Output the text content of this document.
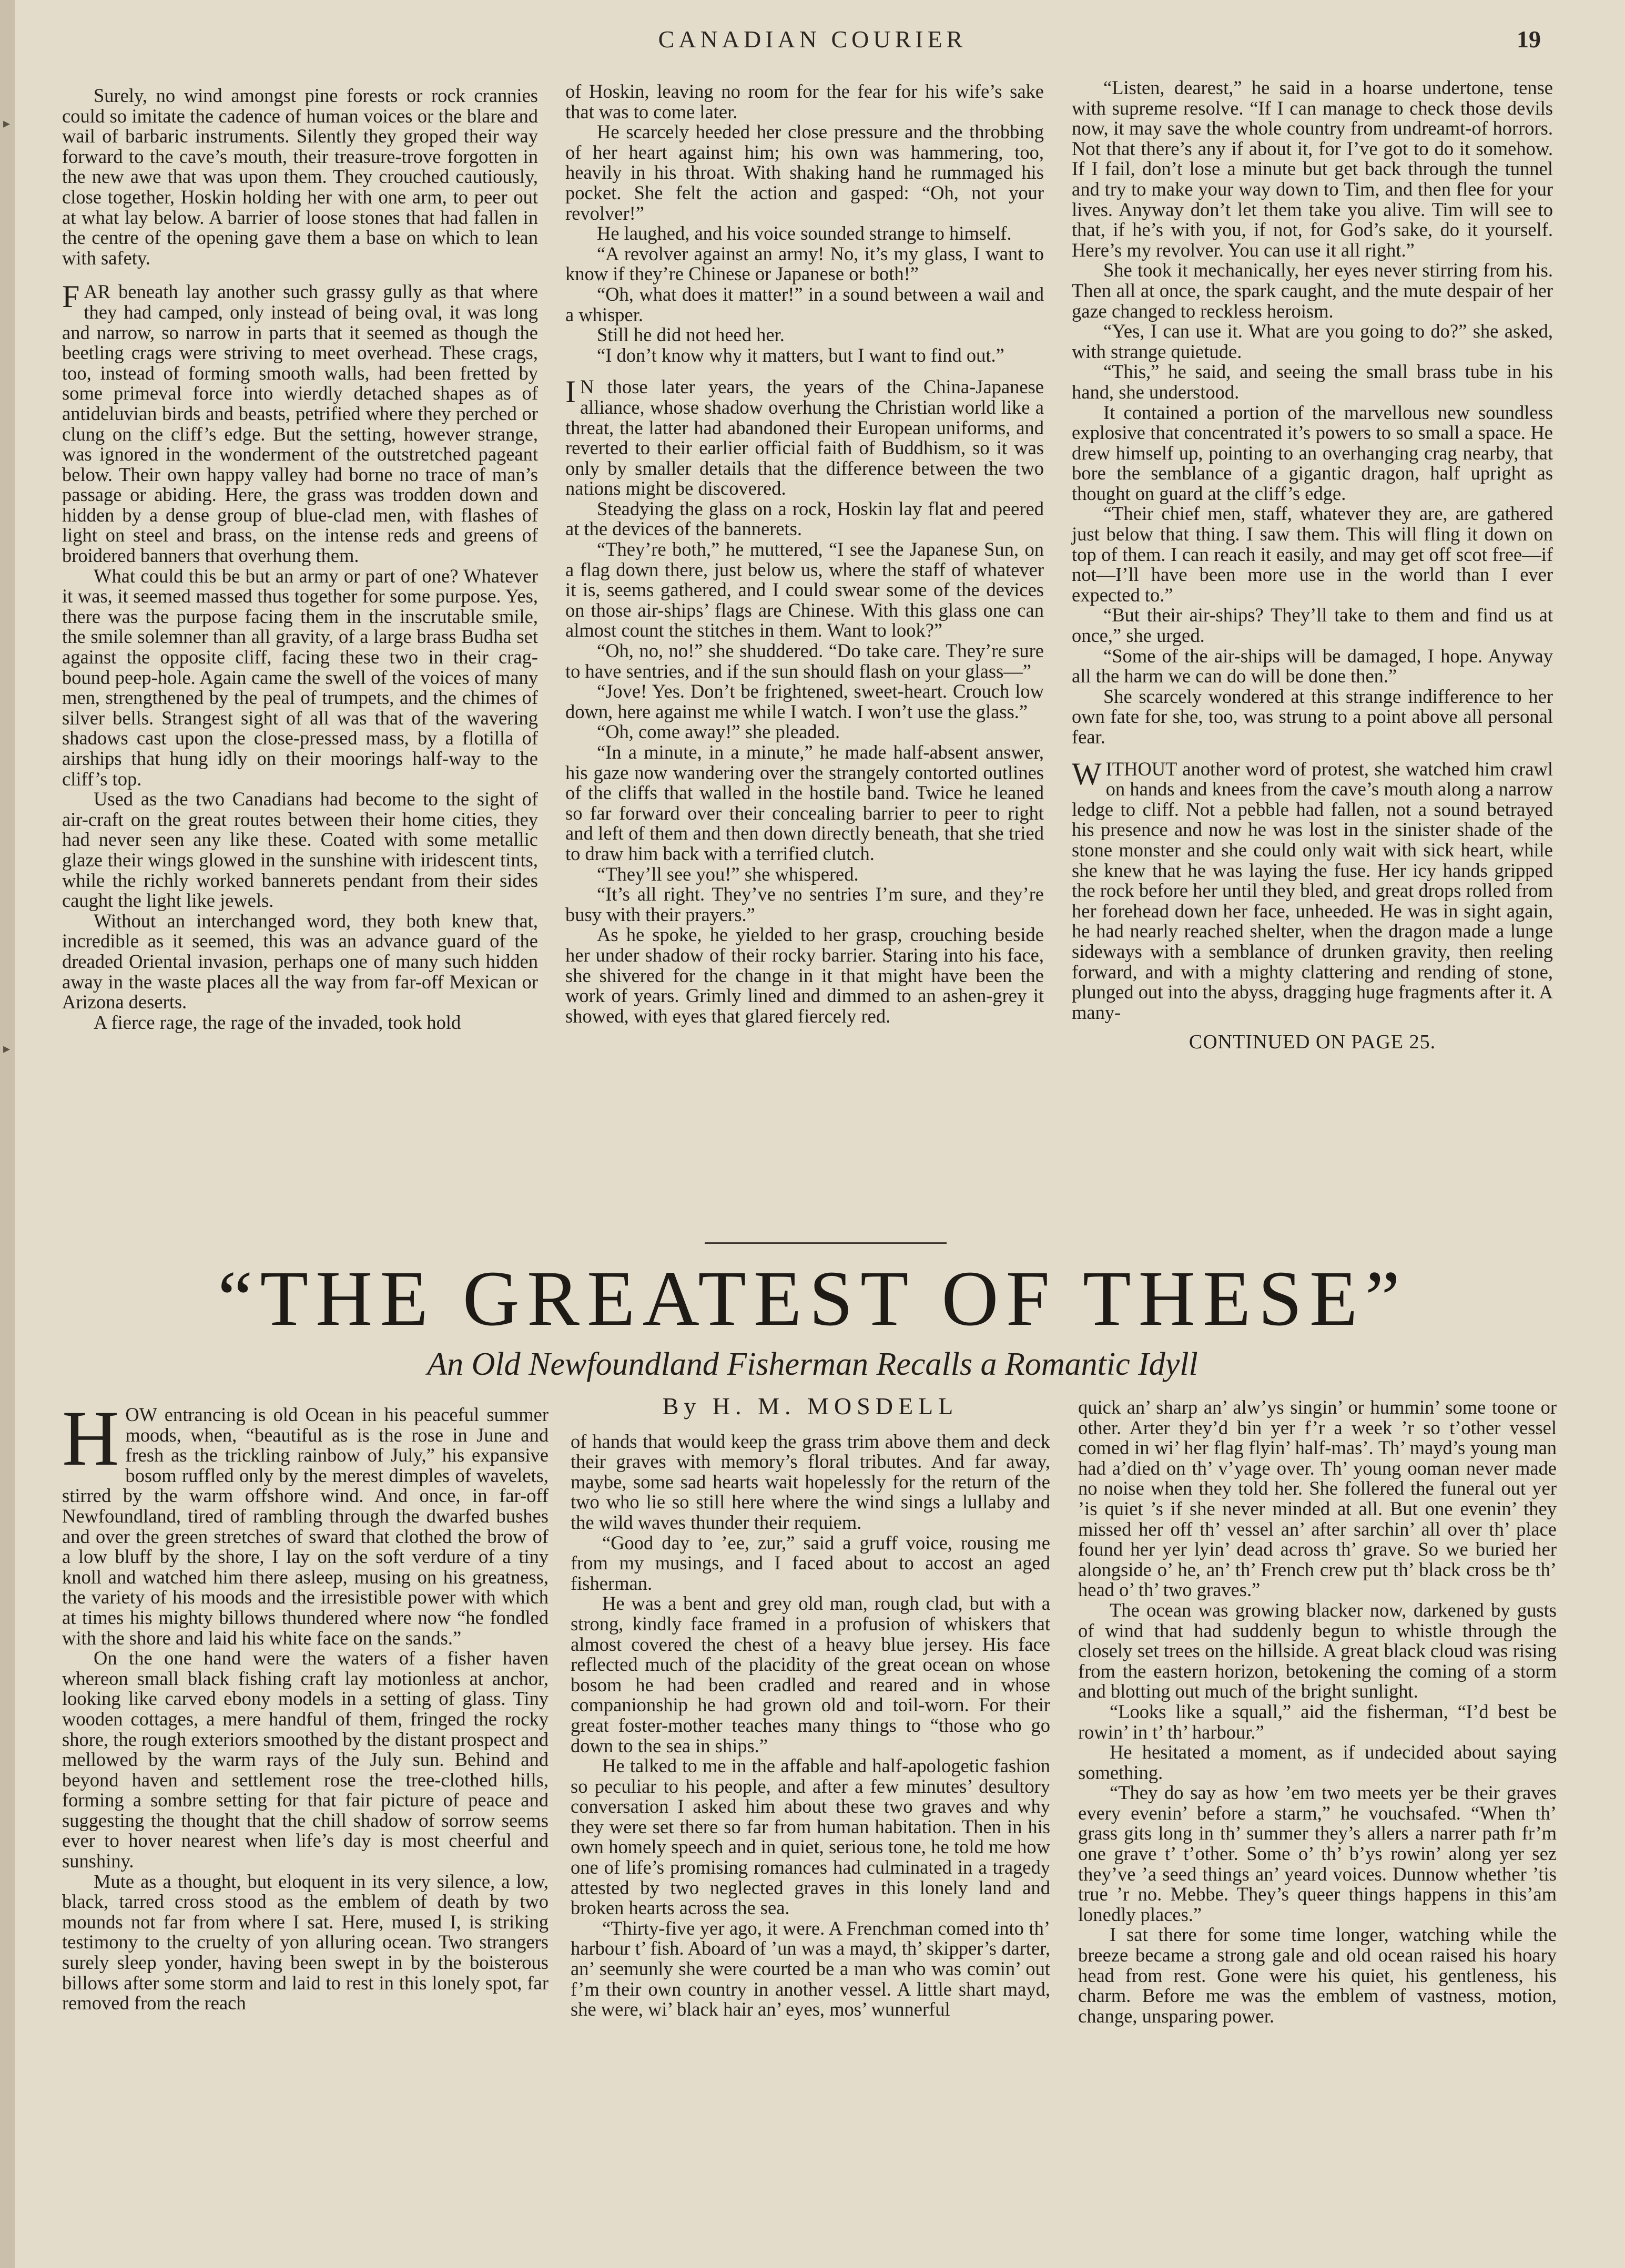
▸
▸
CANADIAN COURIER	19

Surely, no wind amongst pine forests or rock crannies could so imitate the cadence of human voices or the blare and wail of barbaric instruments. Silently they groped their way forward to the cave’s mouth, their treasure-trove forgotten in the new awe that was upon them. They crouched cautiously, close together, Hoskin holding her with one arm, to peer out at what lay below. A barrier of loose stones that had fallen in the centre of the opening gave them a base on which to lean with safety.

FAR beneath lay another such grassy gully as that where they had camped, only instead of being oval, it was long and narrow, so narrow in parts that it seemed as though the beetling crags were striving to meet overhead. These crags, too, instead of forming smooth walls, had been fretted by some primeval force into wierdly detached shapes as of antideluvian birds and beasts, petrified where they perched or clung on the cliff’s edge. But the setting, however strange, was ignored in the wonderment of the outstretched pageant below. Their own happy valley had borne no trace of man’s passage or abiding. Here, the grass was trodden down and hidden by a dense group of blue-clad men, with flashes of light on steel and brass, on the intense reds and greens of broidered banners that overhung them.

What could this be but an army or part of one? Whatever it was, it seemed massed thus together for some purpose. Yes, there was the purpose facing them in the inscrutable smile, the smile solemner than all gravity, of a large brass Budha set against the opposite cliff, facing these two in their crag-bound peep-hole. Again came the swell of the voices of many men, strengthened by the peal of trumpets, and the chimes of silver bells. Strangest sight of all was that of the wavering shadows cast upon the close-pressed mass, by a flotilla of airships that hung idly on their moorings half-way to the cliff’s top.

Used as the two Canadians had become to the sight of air-craft on the great routes between their home cities, they had never seen any like these. Coated with some metallic glaze their wings glowed in the sunshine with iridescent tints, while the richly worked bannerets pendant from their sides caught the light like jewels.

Without an interchanged word, they both knew that, incredible as it seemed, this was an advance guard of the dreaded Oriental invasion, perhaps one of many such hidden away in the waste places all the way from far-off Mexican or Arizona deserts.

A fierce rage, the rage of the invaded, took hold

of Hoskin, leaving no room for the fear for his wife’s sake that was to come later.

He scarcely heeded her close pressure and the throbbing of her heart against him; his own was hammering, too, heavily in his throat. With shaking hand he rummaged his pocket. She felt the action and gasped: “Oh, not your revolver!”

He laughed, and his voice sounded strange to himself.

“A revolver against an army! No, it’s my glass, I want to know if they’re Chinese or Japanese or both!”

“Oh, what does it matter!” in a sound between a wail and a whisper.

Still he did not heed her.

“I don’t know why it matters, but I want to find out.”

I N those later years, the years of the China-Japanese alliance, whose shadow overhung the Christian world like a threat, the latter had abandoned their European uniforms, and reverted to their earlier official faith of Buddhism, so it was only by smaller details that the difference between the two nations might be discovered.

Steadying the glass on a rock, Hoskin lay flat and peered at the devices of the bannerets.

“They’re both,” he muttered, “I see the Japanese Sun, on a flag down there, just below us, where the staff of whatever it is, seems gathered, and I could swear some of the devices on those air-ships’ flags are Chinese. With this glass one can almost count the stitches in them. Want to look?”

“Oh, no, no!” she shuddered. “Do take care. They’re sure to have sentries, and if the sun should flash on your glass—”

“Jove! Yes. Don’t be frightened, sweet-heart. Crouch low down, here against me while I watch. I won’t use the glass.”

“Oh, come away!” she pleaded.

“In a minute, in a minute,” he made half-absent answer, his gaze now wandering over the strangely contorted outlines of the cliffs that walled in the hostile band. Twice he leaned so far forward over their concealing barrier to peer to right and left of them and then down directly beneath, that she tried to draw him back with a terrified clutch.

“They’ll see you!” she whispered.

“It’s all right. They’ve no sentries I’m sure, and they’re busy with their prayers.”

As he spoke, he yielded to her grasp, crouching beside her under shadow of their rocky barrier. Staring into his face, she shivered for the change in it that might have been the work of years. Grimly lined and dimmed to an ashen-grey it showed, with eyes that glared fiercely red.

“Listen, dearest,” he said in a hoarse undertone, tense with supreme resolve. “If I can manage to check those devils now, it may save the whole country from undreamt-of horrors. Not that there’s any if about it, for I’ve got to do it somehow. If I fail, don’t lose a minute but get back through the tunnel and try to make your way down to Tim, and then flee for your lives. Anyway don’t let them take you alive. Tim will see to that, if he’s with you, if not, for God’s sake, do it yourself. Here’s my revolver. You can use it all right.”

She took it mechanically, her eyes never stirring from his. Then all at once, the spark caught, and the mute despair of her gaze changed to reckless heroism.

“Yes, I can use it. What are you going to do?” she asked, with strange quietude.

“This,” he said, and seeing the small brass tube in his hand, she understood.

It contained a portion of the marvellous new soundless explosive that concentrated it’s powers to so small a space. He drew himself up, pointing to an overhanging crag nearby, that bore the semblance of a gigantic dragon, half upright as thought on guard at the cliff’s edge.

“Their chief men, staff, whatever they are, are gathered just below that thing. I saw them. This will fling it down on top of them. I can reach it easily, and may get off scot free—if not—I’ll have been more use in the world than I ever expected to.”

“But their air-ships? They’ll take to them and find us at once,” she urged.

“Some of the air-ships will be damaged, I hope. Anyway all the harm we can do will be done then.”

She scarcely wondered at this strange indifference to her own fate for she, too, was strung to a point above all personal fear.

WITHOUT another word of protest, she watched him crawl on hands and knees from the cave’s mouth along a narrow ledge to cliff. Not a pebble had fallen, not a sound betrayed his presence and now he was lost in the sinister shade of the stone monster and she could only wait with sick heart, while she knew that he was laying the fuse. Her icy hands gripped the rock before her until they bled, and great drops rolled from her forehead down her face, unheeded. He was in sight again, he had nearly reached shelter, when the dragon made a lunge sideways with a semblance of drunken gravity, then reeling forward, and with a mighty clattering and rending of stone, plunged out into the abyss, dragging huge fragments after it. A many-

CONTINUED ON PAGE 25.

“THE GREATEST OF THESE”
An Old Newfoundland Fisherman Recalls a Romantic Idyll

HOW entrancing is old Ocean in his peaceful summer moods, when, “beautiful as is the rose in June and fresh as the trickling rainbow of July,” his expansive bosom ruffled only by the merest dimples of wavelets, stirred by the warm offshore wind. And once, in far-off Newfoundland, tired of rambling through the dwarfed bushes and over the green stretches of sward that clothed the brow of a low bluff by the shore, I lay on the soft verdure of a tiny knoll and watched him there asleep, musing on his greatness, the variety of his moods and the irresistible power with which at times his mighty billows thundered where now “he fondled with the shore and laid his white face on the sands.”

On the one hand were the waters of a fisher haven whereon small black fishing craft lay motionless at anchor, looking like carved ebony models in a setting of glass. Tiny wooden cottages, a mere handful of them, fringed the rocky shore, the rough exteriors smoothed by the distant prospect and mellowed by the warm rays of the July sun. Behind and beyond haven and settlement rose the tree-clothed hills, forming a sombre setting for that fair picture of peace and suggesting the thought that the chill shadow of sorrow seems ever to hover nearest when life’s day is most cheerful and sunshiny.

Mute as a thought, but eloquent in its very silence, a low, black, tarred cross stood as the emblem of death by two mounds not far from where I sat. Here, mused I, is striking testimony to the cruelty of yon alluring ocean. Two strangers surely sleep yonder, having been swept in by the boisterous billows after some storm and laid to rest in this lonely spot, far removed from the reach

By H. M. MOSDELL

of hands that would keep the grass trim above them and deck their graves with memory’s floral tributes. And far away, maybe, some sad hearts wait hopelessly for the return of the two who lie so still here where the wind sings a lullaby and the wild waves thunder their requiem.

“Good day to ’ee, zur,” said a gruff voice, rousing me from my musings, and I faced about to accost an aged fisherman.

He was a bent and grey old man, rough clad, but with a strong, kindly face framed in a profusion of whiskers that almost covered the chest of a heavy blue jersey. His face reflected much of the placidity of the great ocean on whose bosom he had been cradled and reared and in whose companionship he had grown old and toil-worn. For their great foster-mother teaches many things to “those who go down to the sea in ships.”

He talked to me in the affable and half-apologetic fashion so peculiar to his people, and after a few minutes’ desultory conversation I asked him about these two graves and why they were set there so far from human habitation. Then in his own homely speech and in quiet, serious tone, he told me how one of life’s promising romances had culminated in a tragedy attested by two neglected graves in this lonely land and broken hearts across the sea.

“Thirty-five yer ago, it were. A Frenchman comed into th’ harbour t’ fish. Aboard of ’un was a mayd, th’ skipper’s darter, an’ seemunly she were courted be a man who was comin’ out f’m their own country in another vessel. A little shart mayd, she were, wi’ black hair an’ eyes, mos’ wunnerful

quick an’ sharp an’ alw’ys singin’ or hummin’ some toone or other. Arter they’d bin yer f’r a week ’r so t’other vessel comed in wi’ her flag flyin’ half-mas’. Th’ mayd’s young man had a’died on th’ v’yage over. Th’ young ooman never made no noise when they told her. She follered the funeral out yer ’is quiet ’s if she never minded at all. But one evenin’ they missed her off th’ vessel an’ after sarchin’ all over th’ place found her yer lyin’ dead across th’ grave. So we buried her alongside o’ he, an’ th’ French crew put th’ black cross be th’ head o’ th’ two graves.”

The ocean was growing blacker now, darkened by gusts of wind that had suddenly begun to whistle through the closely set trees on the hillside. A great black cloud was rising from the eastern horizon, betokening the coming of a storm and blotting out much of the bright sunlight.

“Looks like a squall,” aid the fisherman, “I’d best be rowin’ in t’ th’ harbour.”

He hesitated a moment, as if undecided about saying something.

“They do say as how ’em two meets yer be their graves every evenin’ before a starm,” he vouchsafed. “When th’ grass gits long in th’ summer they’s allers a narrer path fr’m one grave t’ t’other. Some o’ th’ b’ys rowin’ along yer sez they’ve ’a seed things an’ yeard voices. Dunnow whether ’tis true ’r no. Mebbe. They’s queer things happens in this’am lonedly places.”

I sat there for some time longer, watching while the breeze became a strong gale and old ocean raised his hoary head from rest. Gone were his quiet, his gentleness, his charm. Before me was the emblem of vastness, motion, change, unsparing power.
